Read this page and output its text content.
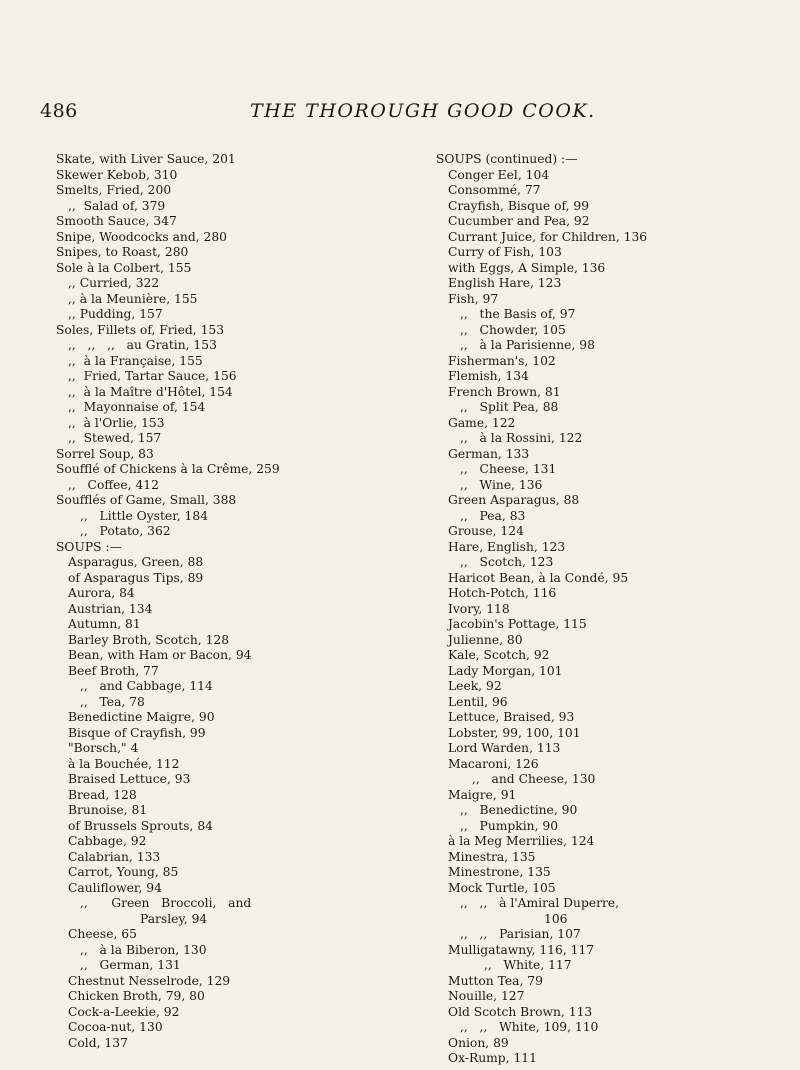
486	THE THOROUGH GOOD COOK.
Skate, with Liver Sauce, 201
Skewer Kebob, 310
Smelts, Fried, 200
,,  Salad of, 379
Smooth Sauce, 347
Snipe, Woodcocks and, 280
Snipes, to Roast, 280
Sole à la Colbert, 155
,, Curried, 322
,, à la Meunière, 155
,, Pudding, 157
Soles, Fillets of, Fried, 153
,,   ,,   ,,   au Gratin, 153
,,  à la Française, 155
,,  Fried, Tartar Sauce, 156
,,  à la Maître d'Hôtel, 154
,,  Mayonnaise of, 154
,,  à l'Orlie, 153
,,  Stewed, 157
Sorrel Soup, 83
Soufflé of Chickens à la Crême, 259
,,   Coffee, 412
Soufflés of Game, Small, 388
,,   Little Oyster, 184
,,   Potato, 362
SOUPS :—
Asparagus, Green, 88
of Asparagus Tips, 89
Aurora, 84
Austrian, 134
Autumn, 81
Barley Broth, Scotch, 128
Bean, with Ham or Bacon, 94
Beef Broth, 77
,,   and Cabbage, 114
,,   Tea, 78
Benedictine Maigre, 90
Bisque of Crayfish, 99
"Borsch," 4
à la Bouchée, 112
Braised Lettuce, 93
Bread, 128
Brunoise, 81
of Brussels Sprouts, 84
Cabbage, 92
Calabrian, 133
Carrot, Young, 85
Cauliflower, 94
,,      Green   Broccoli,   and
Parsley, 94
Cheese, 65
,,   à la Biberon, 130
,,   German, 131
Chestnut Nesselrode, 129
Chicken Broth, 79, 80
Cock-a-Leekie, 92
Cocoa-nut, 130
Cold, 137
SOUPS (continued) :—
Conger Eel, 104
Consommé, 77
Crayfish, Bisque of, 99
Cucumber and Pea, 92
Currant Juice, for Children, 136
Curry of Fish, 103
with Eggs, A Simple, 136
English Hare, 123
Fish, 97
,,   the Basis of, 97
,,   Chowder, 105
,,   à la Parisienne, 98
Fisherman's, 102
Flemish, 134
French Brown, 81
,,   Split Pea, 88
Game, 122
,,   à la Rossini, 122
German, 133
,,   Cheese, 131
,,   Wine, 136
Green Asparagus, 88
,,   Pea, 83
Grouse, 124
Hare, English, 123
,,   Scotch, 123
Haricot Bean, à la Condé, 95
Hotch-Potch, 116
Ivory, 118
Jacobin's Pottage, 115
Julienne, 80
Kale, Scotch, 92
Lady Morgan, 101
Leek, 92
Lentil, 96
Lettuce, Braised, 93
Lobster, 99, 100, 101
Lord Warden, 113
Macaroni, 126
,,   and Cheese, 130
Maigre, 91
,,   Benedictine, 90
,,   Pumpkin, 90
à la Meg Merrilies, 124
Minestra, 135
Minestrone, 135
Mock Turtle, 105
,,   ,,   à l'Amiral Duperre,
106
,,   ,,   Parisian, 107
Mulligatawny, 116, 117
,,   White, 117
Mutton Tea, 79
Nouille, 127
Old Scotch Brown, 113
,,   ,,   White, 109, 110
Onion, 89
Ox-Rump, 111
